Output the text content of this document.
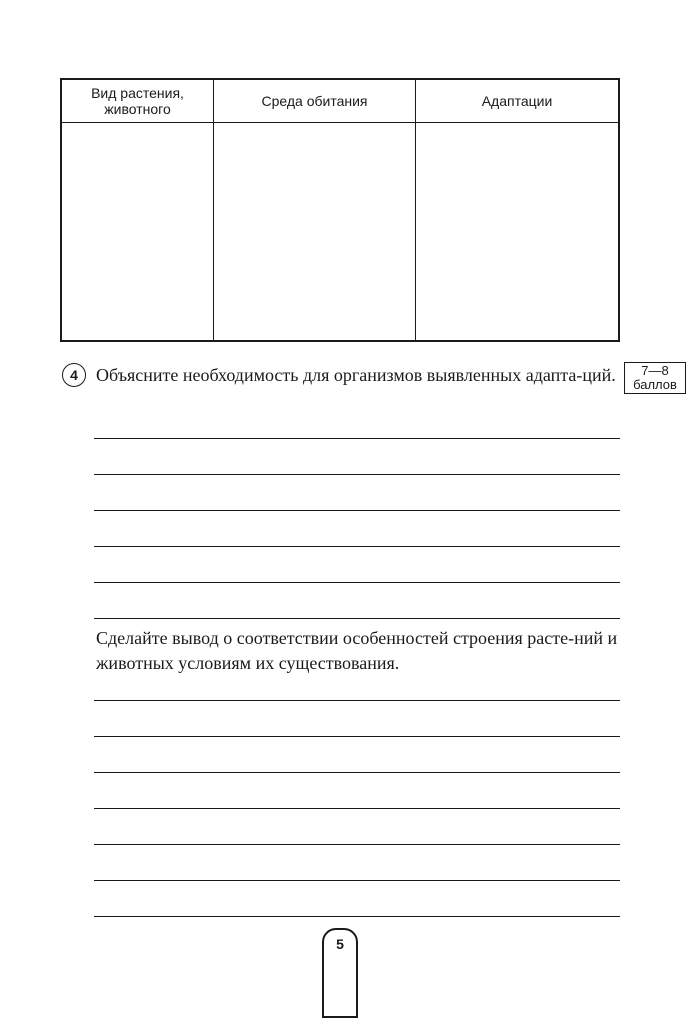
Вид растения, животного	Среда обитания	Адаптации
4	Объясните необходимость для организмов выявленных адапта-ций.	7—8
баллов
Сделайте вывод о соответствии особенностей строения расте-ний и животных условиям их существования.
5
